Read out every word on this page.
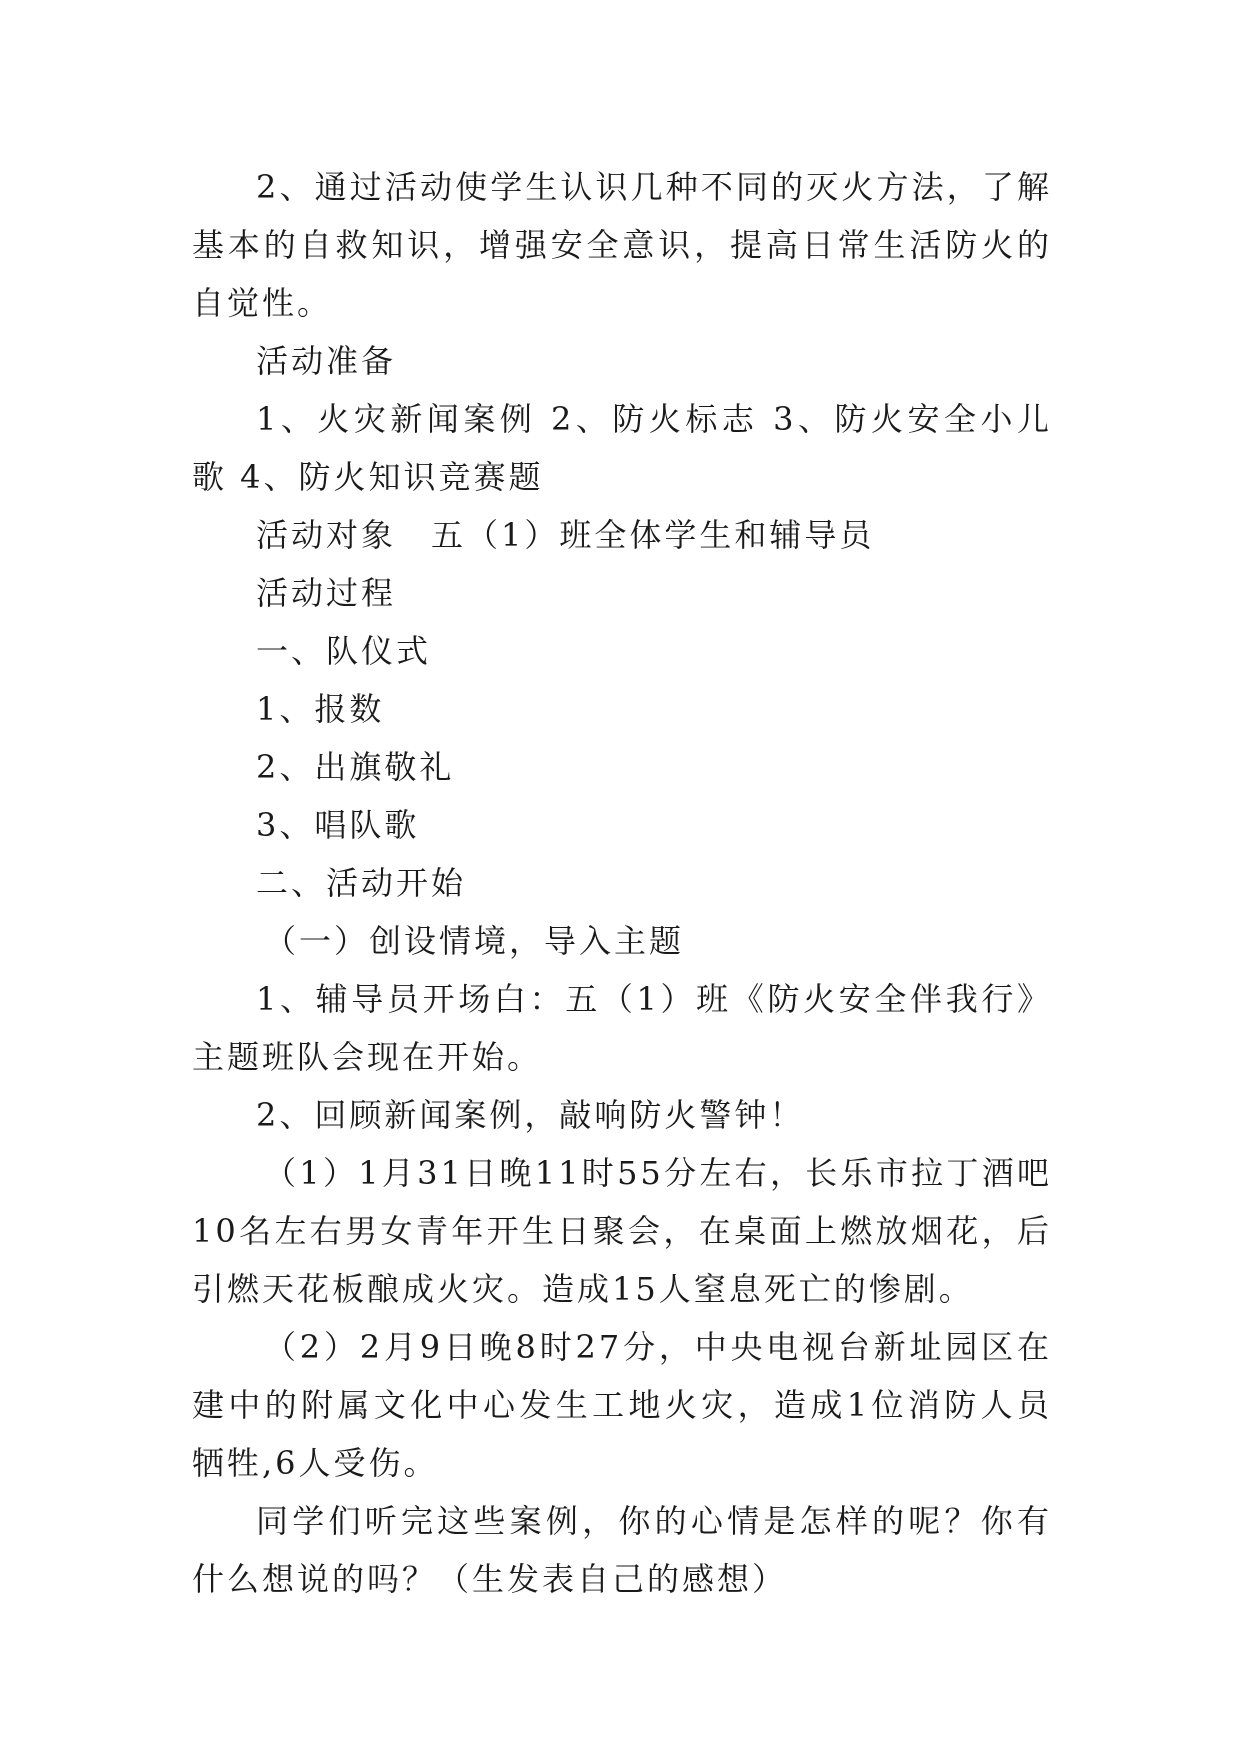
2、通过活动使学生认识几种不同的灭火方法，了解基本的自救知识，增强安全意识，提高日常生活防火的自觉性。

活动准备

1、火灾新闻案例 2、防火标志 3、防火安全小儿歌 4、防火知识竞赛题

活动对象　五（1）班全体学生和辅导员

活动过程

一、队仪式

1、报数

2、出旗敬礼

3、唱队歌

二、活动开始

（一）创设情境，导入主题

1、辅导员开场白：五（1）班《防火安全伴我行》主题班队会现在开始。

2、回顾新闻案例，敲响防火警钟！

（1）1月31日晚11时55分左右，长乐市拉丁酒吧10名左右男女青年开生日聚会，在桌面上燃放烟花，后引燃天花板酿成火灾。造成15人窒息死亡的惨剧。

（2）2月9日晚8时27分，中央电视台新址园区在建中的附属文化中心发生工地火灾，造成1位消防人员牺牲,6人受伤。

同学们听完这些案例，你的心情是怎样的呢？你有什么想说的吗？（生发表自己的感想）
